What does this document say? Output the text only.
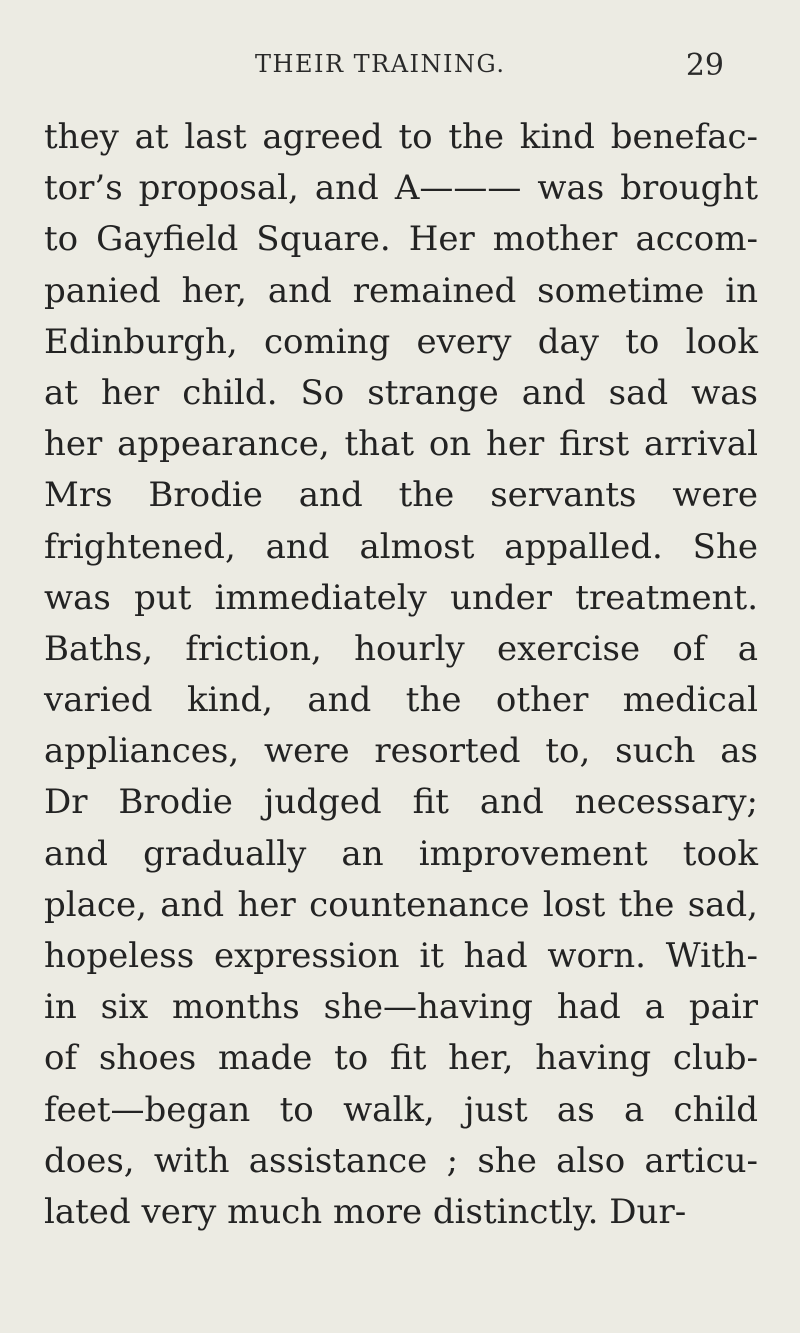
THEIR TRAINING.	29
they at last agreed to the kind benefac-
tor’s proposal, and A——— was brought
to Gayfield Square. Her mother accom-
panied her, and remained sometime in
Edinburgh, coming every day to look
at her child. So strange and sad was
her appearance, that on her first arrival
Mrs Brodie and the servants were
frightened, and almost appalled. She
was put immediately under treatment.
Baths, friction, hourly exercise of a
varied kind, and the other medical
appliances, were resorted to, such as
Dr Brodie judged fit and necessary;
and gradually an improvement took
place, and her countenance lost the sad,
hopeless expression it had worn. With-
in six months she—having had a pair
of shoes made to fit her, having club-
feet—began to walk, just as a child
does, with assistance ; she also articu-
lated very much more distinctly. Dur-
